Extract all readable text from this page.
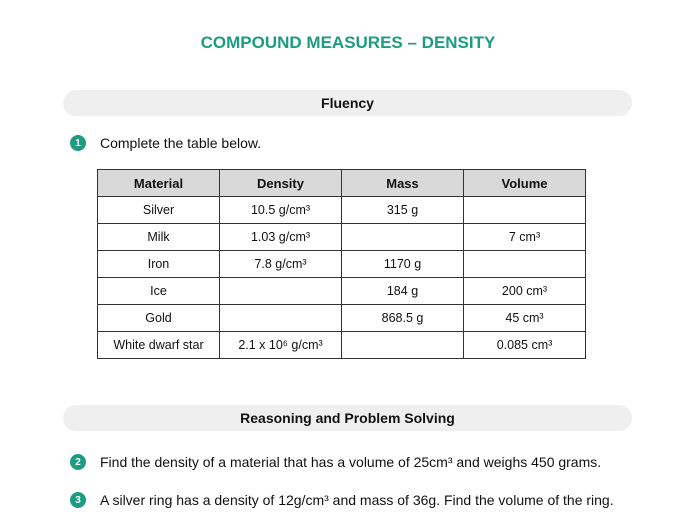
COMPOUND MEASURES – DENSITY
Fluency
1	Complete the table below.
Material	Density	Mass	Volume
Silver	10.5 g/cm³	315 g	
Milk	1.03 g/cm³		7 cm³
Iron	7.8 g/cm³	1170 g	
Ice		184 g	200 cm³
Gold		868.5 g	45 cm³
White dwarf star	2.1 x 10⁶ g/cm³		0.085 cm³
Reasoning and Problem Solving
2	Find the density of a material that has a volume of 25cm³ and weighs 450 grams.
3	A silver ring has a density of 12g/cm³ and mass of 36g. Find the volume of the ring.
